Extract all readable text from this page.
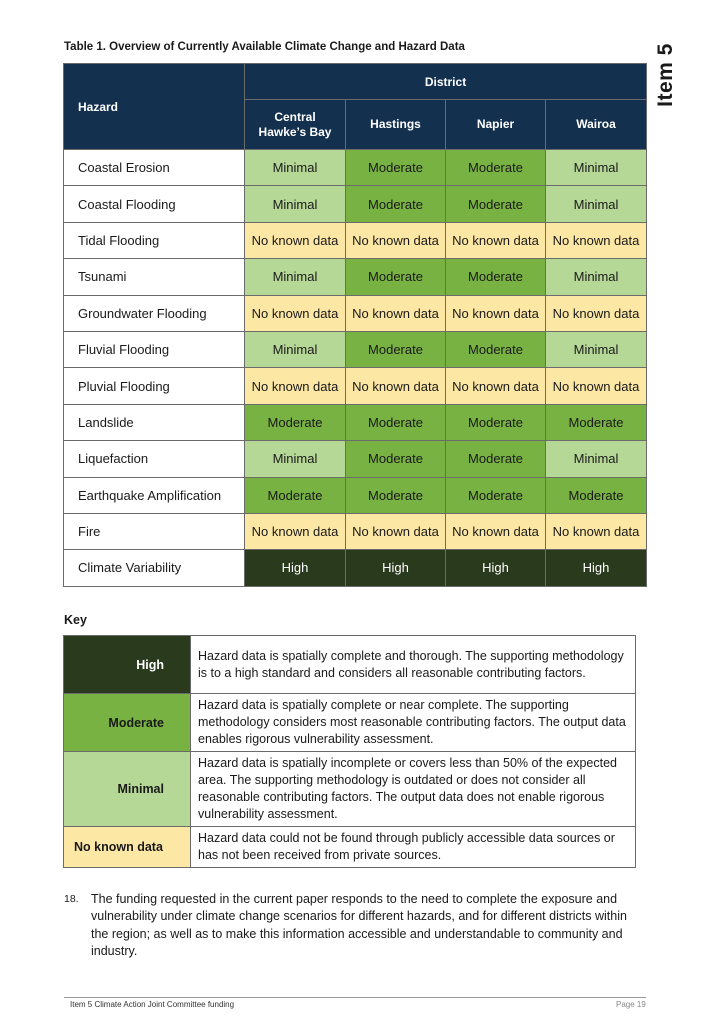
Item 5
Table 1. Overview of Currently Available Climate Change and Hazard Data
Hazard	District			
	Central Hawke’s Bay	Hastings	Napier	Wairoa
Coastal Erosion	Minimal	Moderate	Moderate	Minimal
Coastal Flooding	Minimal	Moderate	Moderate	Minimal
Tidal Flooding	No known data	No known data	No known data	No known data
Tsunami	Minimal	Moderate	Moderate	Minimal
Groundwater Flooding	No known data	No known data	No known data	No known data
Fluvial Flooding	Minimal	Moderate	Moderate	Minimal
Pluvial Flooding	No known data	No known data	No known data	No known data
Landslide	Moderate	Moderate	Moderate	Moderate
Liquefaction	Minimal	Moderate	Moderate	Minimal
Earthquake Amplification	Moderate	Moderate	Moderate	Moderate
Fire	No known data	No known data	No known data	No known data
Climate Variability	High	High	High	High
Key
High	Hazard data is spatially complete and thorough. The supporting methodology is to a high standard and considers all reasonable contributing factors.
Moderate	Hazard data is spatially complete or near complete. The supporting methodology considers most reasonable contributing factors. The output data enables rigorous vulnerability assessment.
Minimal	Hazard data is spatially incomplete or covers less than 50% of the expected area. The supporting methodology is outdated or does not consider all reasonable contributing factors. The output data does not enable rigorous vulnerability assessment.
No known data	Hazard data could not be found through publicly accessible data sources or has not been received from private sources.
18. The funding requested in the current paper responds to the need to complete the exposure and vulnerability under climate change scenarios for different hazards, and for different districts within the region; as well as to make this information accessible and understandable to community and industry.
Item 5 Climate Action Joint Committee funding	Page 19
